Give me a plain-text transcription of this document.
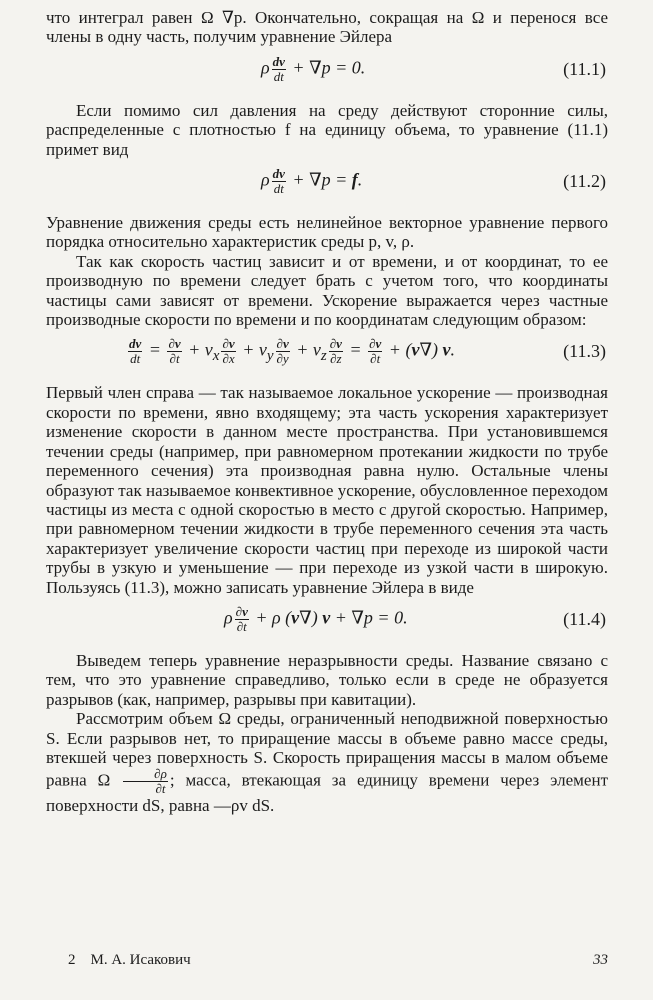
что интеграл равен Ω ∇p. Окончательно, сокращая на Ω и перенося все члены в одну часть, получим уравнение Эйлера

ρ $\frac{dv}{dt} + \nabla p = 0$.	(11.1)

Если помимо сил давления на среду действуют сторонние силы, распределенные с плотностью f на единицу объема, то уравнение (11.1) примет вид

ρ $\frac{dv}{dt} + \nabla p = f$.	(11.2)

Уравнение движения среды есть нелинейное векторное уравнение первого порядка относительно характеристик среды p, v, ρ.

Так как скорость частиц зависит и от времени, и от координат, то ее производную по времени следует брать с учетом того, что координаты частицы сами зависят от времени. Ускорение выражается через частные производные скорости по времени и по координатам следующим образом:

$\frac{dv}{dt} = \frac{\partial v}{\partial t} + v_x \frac{\partial v}{\partial x} + v_y \frac{\partial v}{\partial y} + v_z \frac{\partial v}{\partial z} = \frac{\partial v}{\partial t} + (v\nabla)$ v.	(11.3)

Первый член справа — так называемое локальное ускорение — производная скорости по времени, явно входящему; эта часть ускорения характеризует изменение скорости в данном месте пространства. При установившемся течении среды (например, при равномерном протекании жидкости по трубе переменного сечения) эта производная равна нулю. Остальные члены образуют так называемое конвективное ускорение, обусловленное переходом частицы из места с одной скоростью в место с другой скоростью. Например, при равномерном течении жидкости в трубе переменного сечения эта часть характеризует увеличение скорости частиц при переходе из широкой части трубы в узкую и уменьшение — при переходе из узкой части в широкую. Пользуясь (11.3), можно записать уравнение Эйлера в виде

ρ $\frac{\partial v}{\partial t} + \rho$ (v∇) v + ∇p = 0.	(11.4)

Выведем теперь уравнение неразрывности среды. Название связано с тем, что это уравнение справедливо, только если в среде не образуется разрывов (как, например, разрывы при кавитации).

Рассмотрим объем Ω среды, ограниченный неподвижной поверхностью S. Если разрывов нет, то приращение массы в объеме равно массе среды, втекшей через поверхность S. Скорость приращения массы в малом объеме равна Ω $\frac{\partial\rho}{\partial t}$ ; масса, втекающая за единицу времени через элемент поверхности dS, равна —ρv dS.

2    М. А. Исакович	33
